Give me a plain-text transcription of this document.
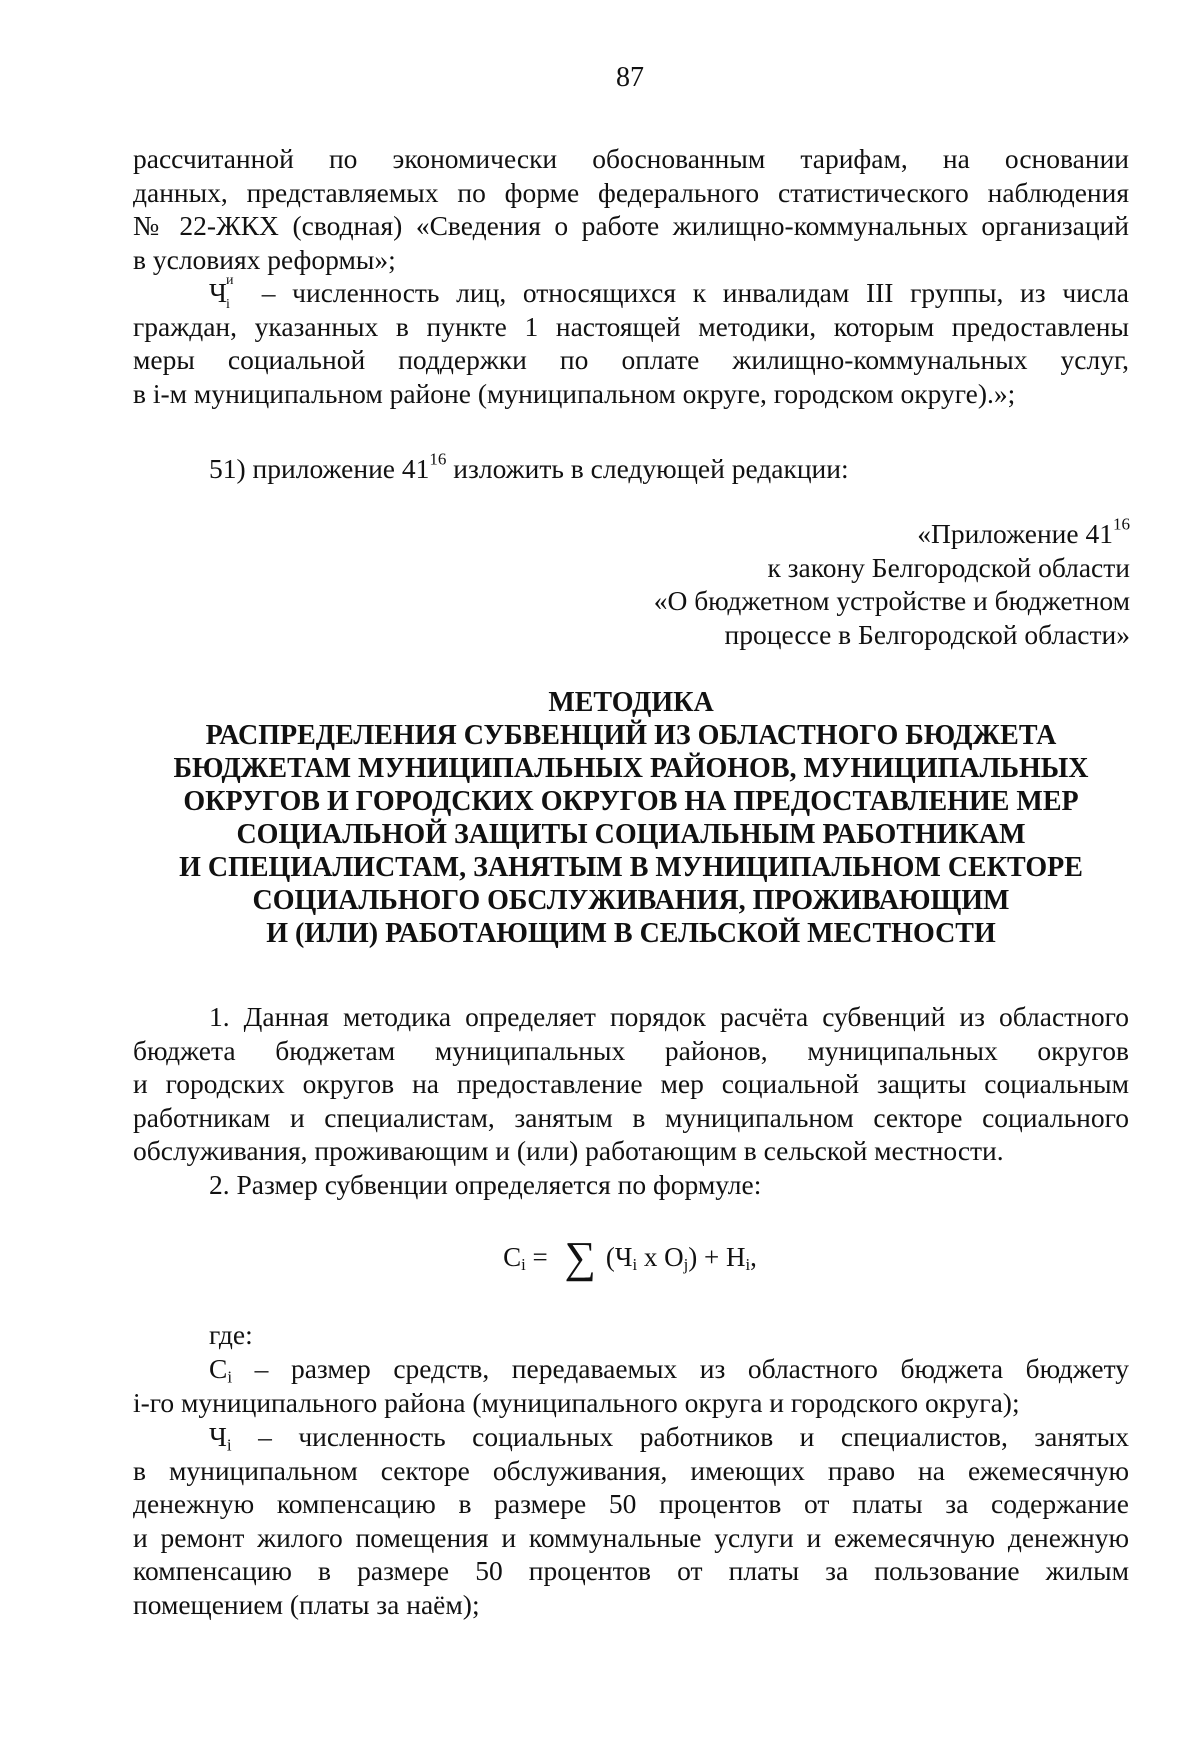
87
рассчитанной по экономически обоснованным тарифам, на основании
данных, представляемых по форме федерального статистического наблюдения
№ 22-ЖКХ (сводная) «Сведения о работе жилищно-коммунальных организаций
в условиях реформы»;
Ч и
i – численность лиц, относящихся к инвалидам III группы, из числа
граждан, указанных в пункте 1 настоящей методики, которым предоставлены
меры социальной поддержки по оплате жилищно-коммунальных услуг,
в i-м муниципальном районе (муниципальном округе, городском округе).»;
51) приложение $41^{16}$ изложить в следующей редакции:
«Приложение $41^{16}$
к закону Белгородской области
«О бюджетном устройстве и бюджетном
процессе в Белгородской области»
МЕТОДИКА
РАСПРЕДЕЛЕНИЯ СУБВЕНЦИЙ ИЗ ОБЛАСТНОГО БЮДЖЕТА
БЮДЖЕТАМ МУНИЦИПАЛЬНЫХ РАЙОНОВ, МУНИЦИПАЛЬНЫХ
ОКРУГОВ И ГОРОДСКИХ ОКРУГОВ НА ПРЕДОСТАВЛЕНИЕ МЕР
СОЦИАЛЬНОЙ ЗАЩИТЫ СОЦИАЛЬНЫМ РАБОТНИКАМ
И СПЕЦИАЛИСТАМ, ЗАНЯТЫМ В МУНИЦИПАЛЬНОМ СЕКТОРЕ
СОЦИАЛЬНОГО ОБСЛУЖИВАНИЯ, ПРОЖИВАЮЩИМ
И (ИЛИ) РАБОТАЮЩИМ В СЕЛЬСКОЙ МЕСТНОСТИ
1. Данная методика определяет порядок расчёта субвенций из областного
бюджета бюджетам муниципальных районов, муниципальных округов
и городских округов на предоставление мер социальной защиты социальным
работникам и специалистам, занятым в муниципальном секторе социального
обслуживания, проживающим и (или) работающим в сельской местности.
2. Размер субвенции определяется по формуле:
$C_i$ = ∑ ($Ч_i$ x $O_j) + H_i$,
где:
$C_i$ – размер средств, передаваемых из областного бюджета бюджету
i-го муниципального района (муниципального округа и городского округа);
$Ч_i$ – численность социальных работников и специалистов, занятых
в муниципальном секторе обслуживания, имеющих право на ежемесячную
денежную компенсацию в размере 50 процентов от платы за содержание
и ремонт жилого помещения и коммунальные услуги и ежемесячную денежную
компенсацию в размере 50 процентов от платы за пользование жилым
помещением (платы за наём);
